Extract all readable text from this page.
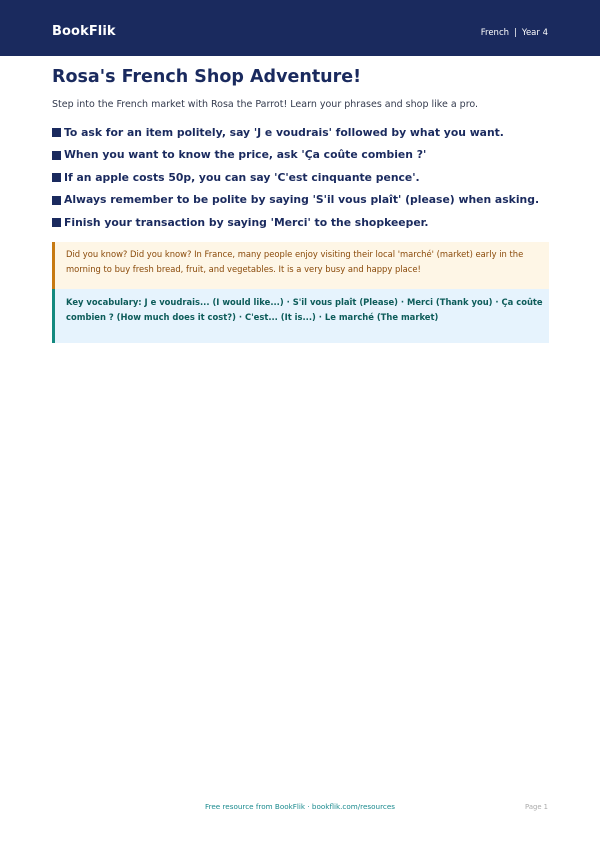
BookFlik	French | Year 4
Rosa's French Shop Adventure!
Step into the French market with Rosa the Parrot! Learn your phrases and shop like a pro.
To ask for an item politely, say 'J e voudrais' followed by what you want.
When you want to know the price, ask 'Ça coûte combien ?'
If an apple costs 50p, you can say 'C'est cinquante pence'.
Always remember to be polite by saying 'S'il vous plaît' (please) when asking.
Finish your transaction by saying 'Merci' to the shopkeeper.
Did you know? Did you know? In France, many people enjoy visiting their local 'marché' (market) early in the morning to buy fresh bread, fruit, and vegetables. It is a very busy and happy place!
Key vocabulary: J e voudrais... (I would like...) · S'il vous plaît (Please) · Merci (Thank you) · Ça coûte combien ? (How much does it cost?) · C'est... (It is...) · Le marché (The market)
Free resource from BookFlik · bookflik.com/resources	Page 1
